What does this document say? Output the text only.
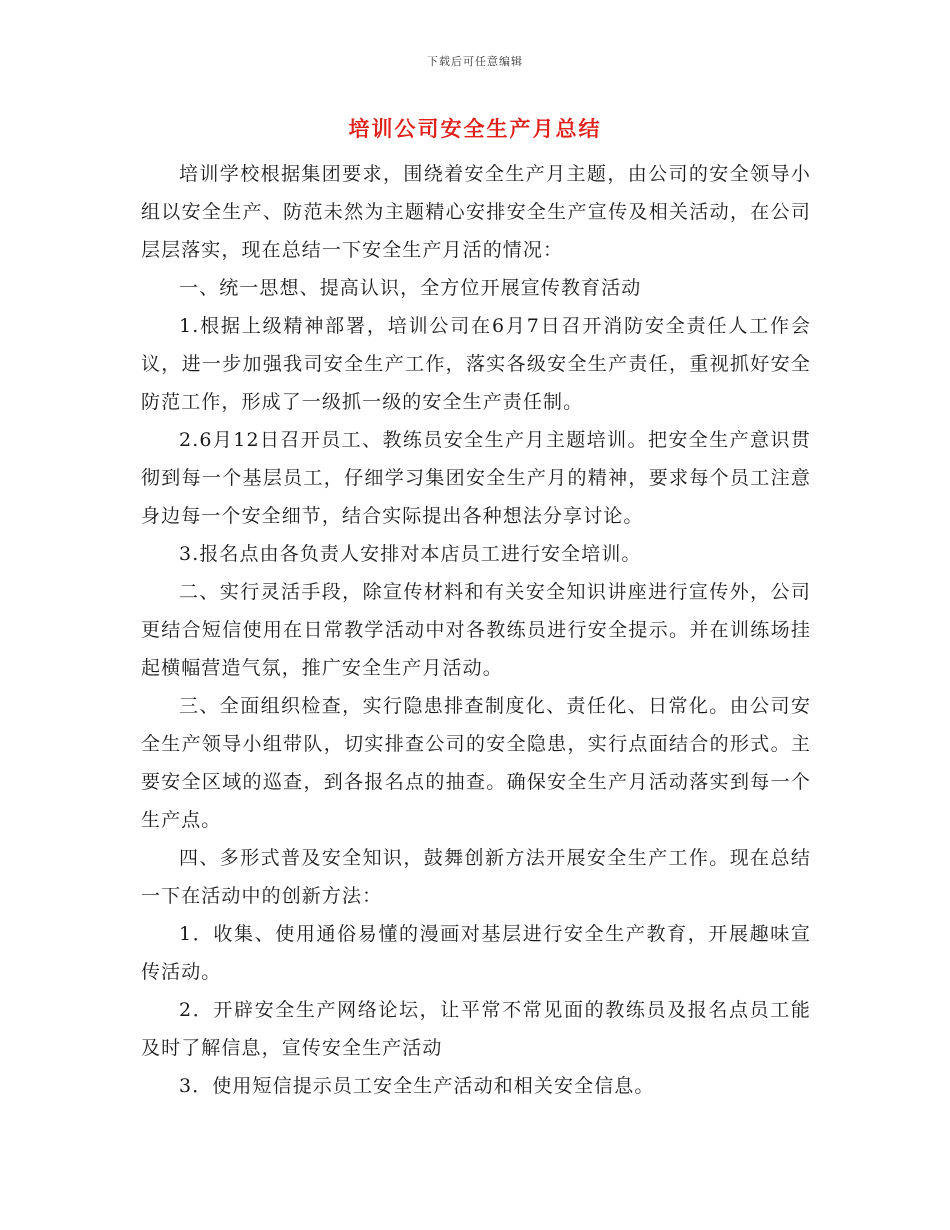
下载后可任意编辑
培训公司安全生产月总结

培训学校根据集团要求，围绕着安全生产月主题，由公司的安全领导小组以安全生产、防范未然为主题精心安排安全生产宣传及相关活动，在公司层层落实，现在总结一下安全生产月活的情况：

一、统一思想、提高认识，全方位开展宣传教育活动

1.根据上级精神部署，培训公司在6月7日召开消防安全责任人工作会议，进一步加强我司安全生产工作，落实各级安全生产责任，重视抓好安全防范工作，形成了一级抓一级的安全生产责任制。

2.6月12日召开员工、教练员安全生产月主题培训。把安全生产意识贯彻到每一个基层员工，仔细学习集团安全生产月的精神，要求每个员工注意身边每一个安全细节，结合实际提出各种想法分享讨论。

3.报名点由各负责人安排对本店员工进行安全培训。

二、实行灵活手段，除宣传材料和有关安全知识讲座进行宣传外，公司更结合短信使用在日常教学活动中对各教练员进行安全提示。并在训练场挂起横幅营造气氛，推广安全生产月活动。

三、全面组织检查，实行隐患排查制度化、责任化、日常化。由公司安全生产领导小组带队，切实排查公司的安全隐患，实行点面结合的形式。主要安全区域的巡查，到各报名点的抽查。确保安全生产月活动落实到每一个生产点。

四、多形式普及安全知识，鼓舞创新方法开展安全生产工作。现在总结一下在活动中的创新方法：

1．收集、使用通俗易懂的漫画对基层进行安全生产教育，开展趣味宣传活动。

2．开辟安全生产网络论坛，让平常不常见面的教练员及报名点员工能及时了解信息，宣传安全生产活动

3．使用短信提示员工安全生产活动和相关安全信息。
